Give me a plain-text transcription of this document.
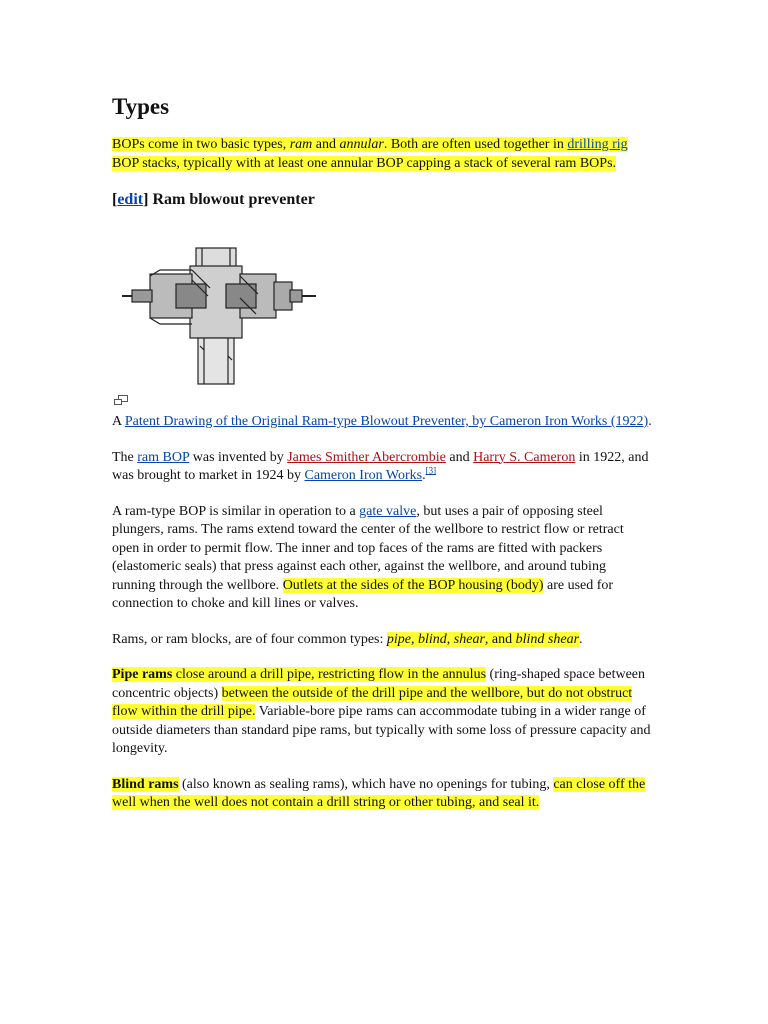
Types

BOPs come in two basic types, ram and annular. Both are often used together in drilling rig BOP stacks, typically with at least one annular BOP capping a stack of several ram BOPs.

[edit] Ram blowout preventer

A Patent Drawing of the Original Ram-type Blowout Preventer, by Cameron Iron Works (1922).

The ram BOP was invented by James Smither Abercrombie and Harry S. Cameron in 1922, and was brought to market in 1924 by Cameron Iron Works.[3]

A ram-type BOP is similar in operation to a gate valve, but uses a pair of opposing steel plungers, rams. The rams extend toward the center of the wellbore to restrict flow or retract open in order to permit flow. The inner and top faces of the rams are fitted with packers (elastomeric seals) that press against each other, against the wellbore, and around tubing running through the wellbore. Outlets at the sides of the BOP housing (body) are used for connection to choke and kill lines or valves.

Rams, or ram blocks, are of four common types: pipe, blind, shear, and blind shear.

Pipe rams close around a drill pipe, restricting flow in the annulus (ring-shaped space between concentric objects) between the outside of the drill pipe and the wellbore, but do not obstruct flow within the drill pipe. Variable-bore pipe rams can accommodate tubing in a wider range of outside diameters than standard pipe rams, but typically with some loss of pressure capacity and longevity.

Blind rams (also known as sealing rams), which have no openings for tubing, can close off the well when the well does not contain a drill string or other tubing, and seal it.
